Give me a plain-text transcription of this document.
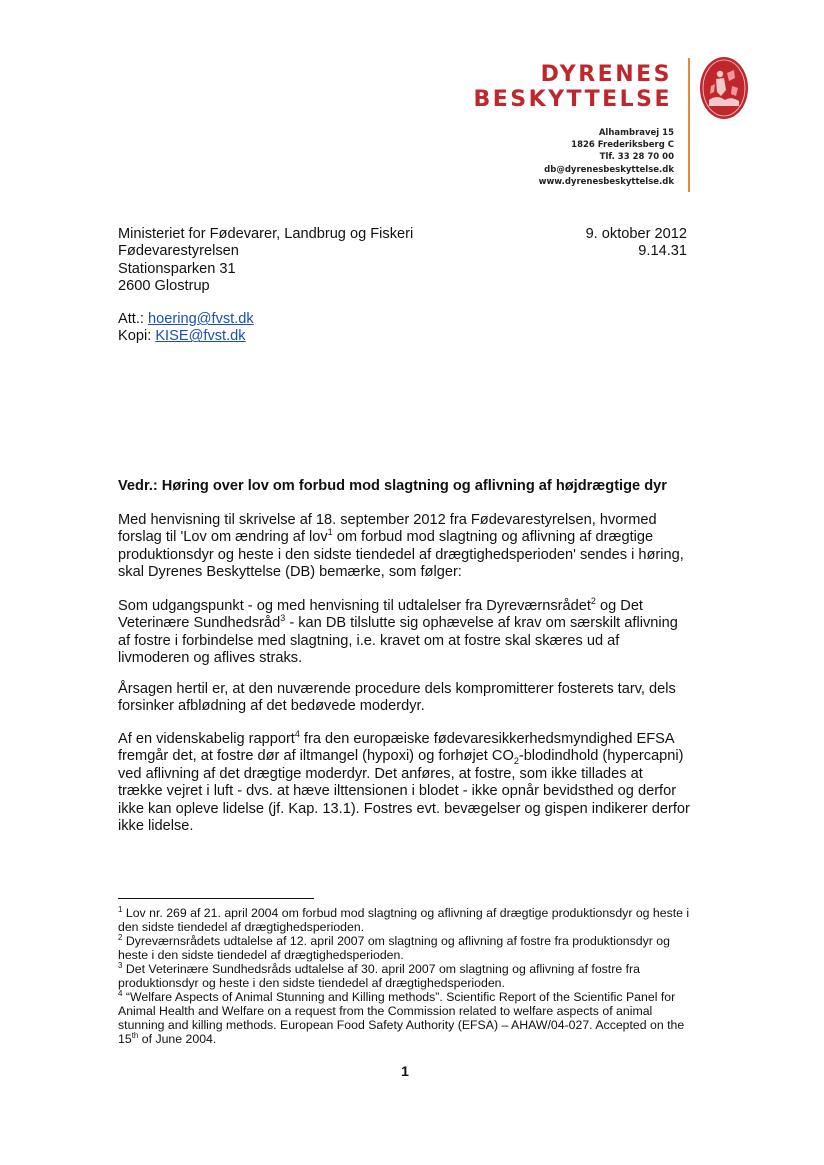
DYRENES
BESKYTTELSE
Alhambravej 15
1826 Frederiksberg C
Tlf. 33 28 70 00
db@dyrenesbeskyttelse.dk
www.dyrenesbeskyttelse.dk
Ministeriet for Fødevarer, Landbrug og Fiskeri
Fødevarestyrelsen
Stationsparken 31
2600 Glostrup
9. oktober 2012
9.14.31
Att.: hoering@fvst.dk
Kopi: KISE@fvst.dk
Vedr.: Høring over lov om forbud mod slagtning og aflivning af højdrægtige dyr
Med henvisning til skrivelse af 18. september 2012 fra Fødevarestyrelsen, hvormed forslag til 'Lov om ændring af lov$^1$ om forbud mod slagtning og aflivning af drægtige produktionsdyr og heste i den sidste tiendedel af drægtighedsperioden' sendes i høring, skal Dyrenes Beskyttelse (DB) bemærke, som følger:
Som udgangspunkt - og med henvisning til udtalelser fra Dyreværnsrådet$^2$ og Det Veterinære Sundhedsråd$^3$ - kan DB tilslutte sig ophævelse af krav om særskilt aflivning af fostre i forbindelse med slagtning, i.e. kravet om at fostre skal skæres ud af livmoderen og aflives straks.
Årsagen hertil er, at den nuværende procedure dels kompromitterer fosterets tarv, dels forsinker afblødning af det bedøvede moderdyr.
Af en videnskabelig rapport$^4$ fra den europæiske fødevaresikkerhedsmyndighed EFSA fremgår det, at fostre dør af iltmangel (hypoxi) og forhøjet $CO_2$-blodindhold (hypercapni) ved aflivning af det drægtige moderdyr. Det anføres, at fostre, som ikke tillades at trække vejret i luft - dvs. at hæve ilttensionen i blodet - ikke opnår bevidsthed og derfor ikke kan opleve lidelse (jf. Kap. 13.1). Fostres evt. bevægelser og gispen indikerer derfor ikke lidelse.
$^1$ Lov nr. 269 af 21. april 2004 om forbud mod slagtning og aflivning af drægtige produktionsdyr og heste i den sidste tiendedel af drægtighedsperioden.
$^2$ Dyreværnsrådets udtalelse af 12. april 2007 om slagtning og aflivning af fostre fra produktionsdyr og heste i den sidste tiendedel af drægtighedsperioden.
$^3$ Det Veterinære Sundhedsråds udtalelse af 30. april 2007 om slagtning og aflivning af fostre fra produktionsdyr og heste i den sidste tiendedel af drægtighedsperioden.
$^4$ “Welfare Aspects of Animal Stunning and Killing methods”. Scientific Report of the Scientific Panel for Animal Health and Welfare on a request from the Commission related to welfare aspects of animal stunning and killing methods. European Food Safety Authority (EFSA) – AHAW/04-027. Accepted on the 15th of June 2004.
1
